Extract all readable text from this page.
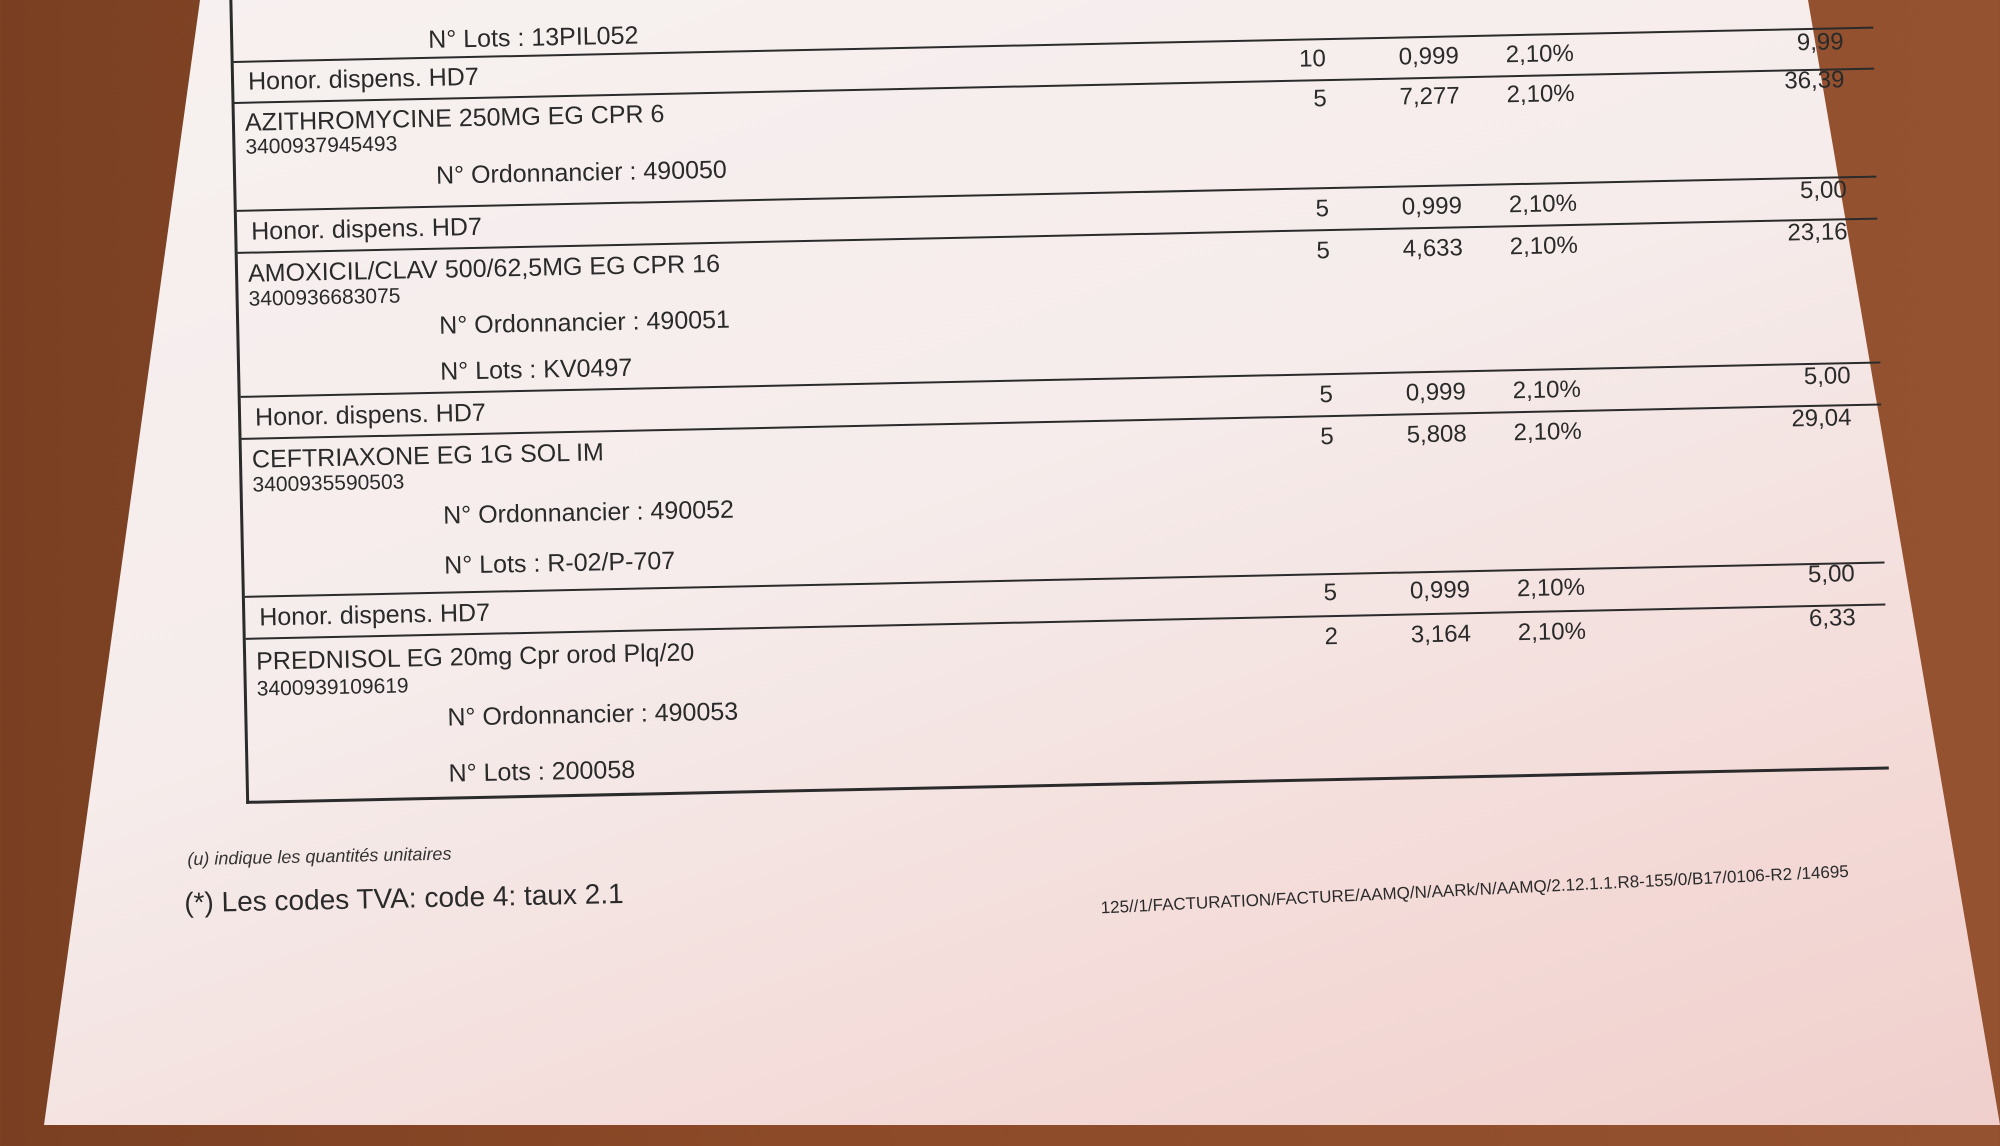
N° Lots : 13PIL052
Honor. dispens. HD7
10	0,999	2,10%	9,99
AZITHROMYCINE 250MG EG CPR 6
3400937945493
5	7,277	2,10%	36,39
N° Ordonnancier : 490050
Honor. dispens. HD7
5	0,999	2,10%	5,00
AMOXICIL/CLAV 500/62,5MG EG CPR 16
3400936683075
5	4,633	2,10%	23,16
N° Ordonnancier : 490051
N° Lots : KV0497
Honor. dispens. HD7
5	0,999	2,10%	5,00
CEFTRIAXONE EG 1G SOL IM
3400935590503
5	5,808	2,10%	29,04
N° Ordonnancier : 490052
N° Lots : R-02/P-707
Honor. dispens. HD7
5	0,999	2,10%	5,00
PREDNISOL EG 20mg Cpr orod Plq/20
3400939109619
2	3,164	2,10%	6,33
N° Ordonnancier : 490053
N° Lots : 200058
(u) indique les quantités unitaires
(*) Les codes TVA: code 4: taux 2.1	125//1/FACTURATION/FACTURE/AAMQ/N/AARk/N/AAMQ/2.12.1.1.R8-155/0/B17/0106-R2 /14695
